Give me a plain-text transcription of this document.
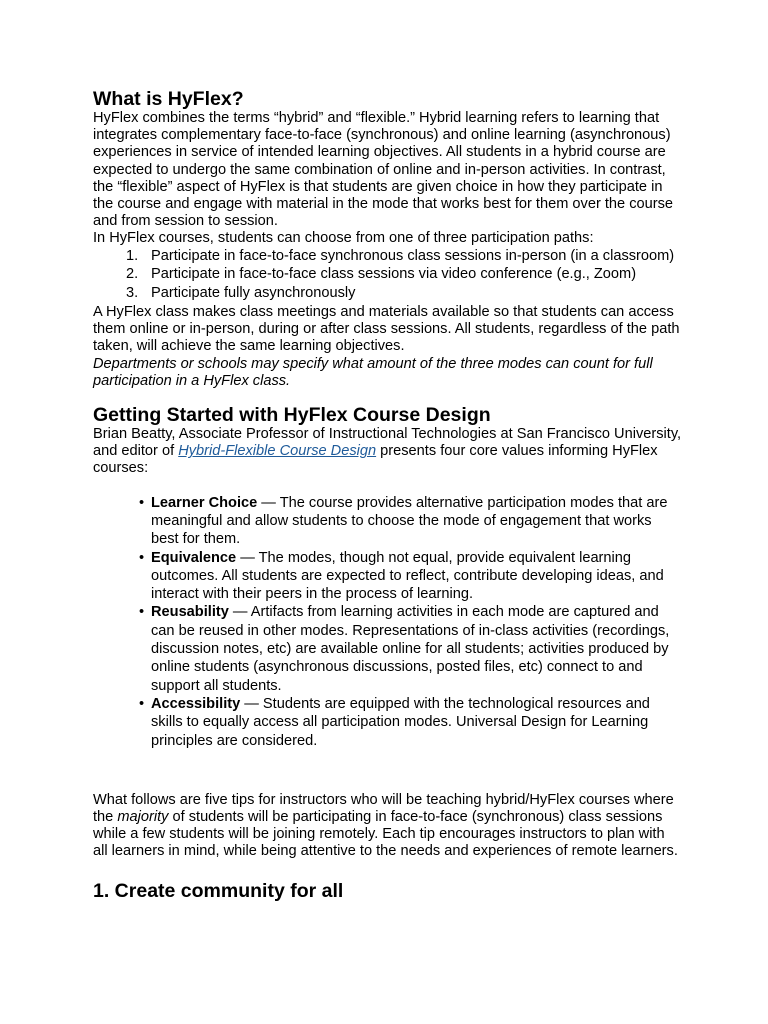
What is HyFlex?

HyFlex combines the terms “hybrid” and “flexible.” Hybrid learning refers to learning that integrates complementary face-to-face (synchronous) and online learning (asynchronous) experiences in service of intended learning objectives. All students in a hybrid course are expected to undergo the same combination of online and in-person activities. In contrast, the “flexible” aspect of HyFlex is that students are given choice in how they participate in the course and engage with material in the mode that works best for them over the course and from session to session.

In HyFlex courses, students can choose from one of three participation paths:

1. Participate in face-to-face synchronous class sessions in-person (in a classroom)
2. Participate in face-to-face class sessions via video conference (e.g., Zoom)
3. Participate fully asynchronously

A HyFlex class makes class meetings and materials available so that students can access them online or in-person, during or after class sessions. All students, regardless of the path taken, will achieve the same learning objectives.

Departments or schools may specify what amount of the three modes can count for full participation in a HyFlex class.

Getting Started with HyFlex Course Design

Brian Beatty, Associate Professor of Instructional Technologies at San Francisco University, and editor of Hybrid-Flexible Course Design presents four core values informing HyFlex courses:

• Learner Choice — The course provides alternative participation modes that are meaningful and allow students to choose the mode of engagement that works best for them.
• Equivalence — The modes, though not equal, provide equivalent learning outcomes. All students are expected to reflect, contribute developing ideas, and interact with their peers in the process of learning.
• Reusability — Artifacts from learning activities in each mode are captured and can be reused in other modes. Representations of in-class activities (recordings, discussion notes, etc) are available online for all students; activities produced by online students (asynchronous discussions, posted files, etc) connect to and support all students.
• Accessibility — Students are equipped with the technological resources and skills to equally access all participation modes. Universal Design for Learning principles are considered.

What follows are five tips for instructors who will be teaching hybrid/HyFlex courses where the majority of students will be participating in face-to-face (synchronous) class sessions while a few students will be joining remotely. Each tip encourages instructors to plan with all learners in mind, while being attentive to the needs and experiences of remote learners.

1. Create community for all
